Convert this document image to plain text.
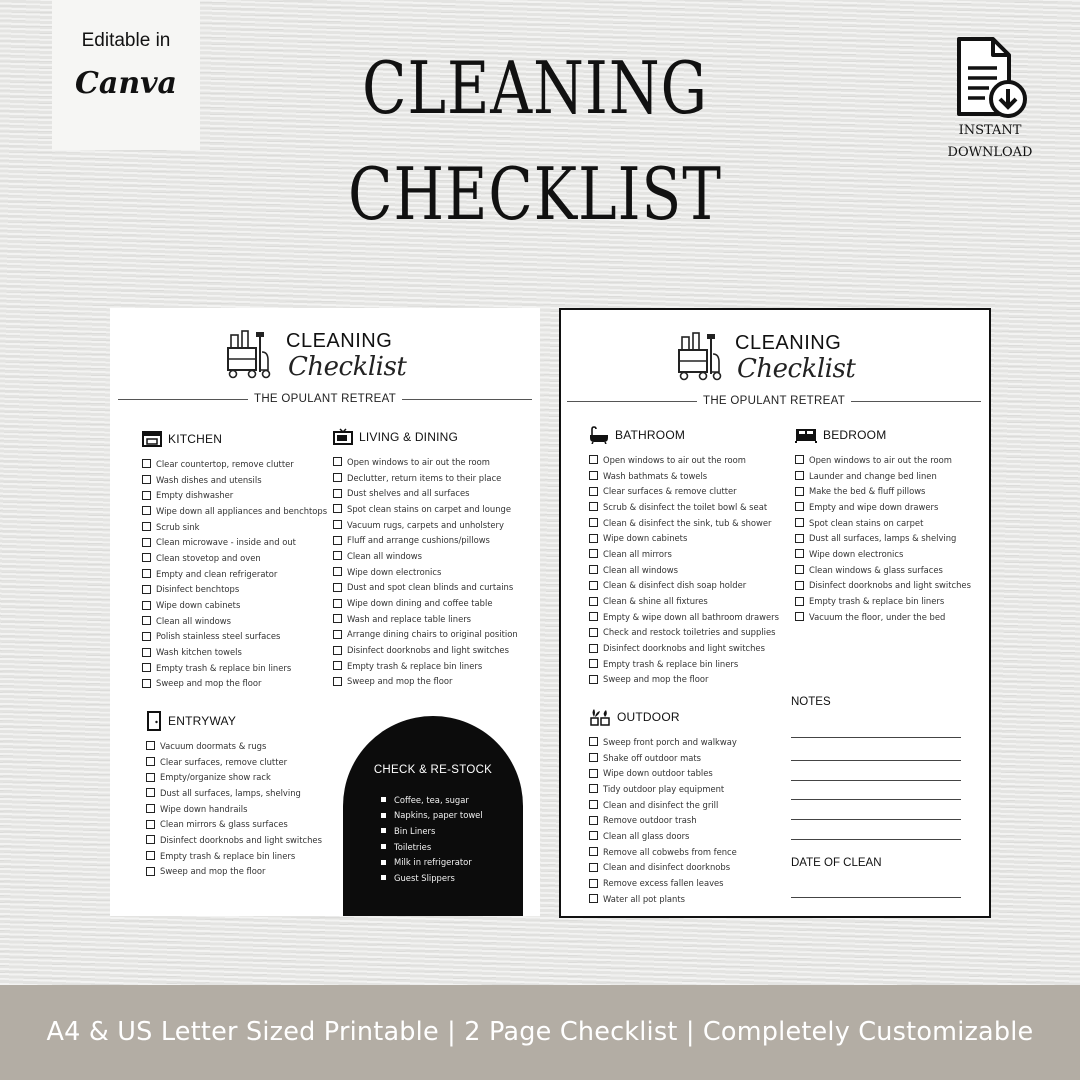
Editable in
Canva	CLEANING
CHECKLIST
INSTANT
DOWNLOAD
CLEANING
Checklist
THE OPULANT RETREAT
KITCHEN
Clear countertop, remove clutter
Wash dishes and utensils
Empty dishwasher
Wipe down all appliances and benchtops
Scrub sink
Clean microwave - inside and out
Clean stovetop and oven
Empty and clean refrigerator
Disinfect benchtops
Wipe down cabinets
Clean all windows
Polish stainless steel surfaces
Wash kitchen towels
Empty trash & replace bin liners
Sweep and mop the floor
LIVING & DINING
Open windows to air out the room
Declutter, return items to their place
Dust shelves and all surfaces
Spot clean stains on carpet and lounge
Vacuum rugs, carpets and unholstery
Fluff and arrange cushions/pillows
Clean all windows
Wipe down electronics
Dust and spot clean blinds and curtains
Wipe down dining and coffee table
Wash and replace table liners
Arrange dining chairs to original position
Disinfect doorknobs and light switches
Empty trash & replace bin liners
Sweep and mop the floor
ENTRYWAY
Vacuum doormats & rugs
Clear surfaces, remove clutter
Empty/organize show rack
Dust all surfaces, lamps, shelving
Wipe down handrails
Clean mirrors & glass surfaces
Disinfect doorknobs and light switches
Empty trash & replace bin liners
Sweep and mop the floor
CHECK & RE-STOCK
Coffee, tea, sugar
Napkins, paper towel
Bin Liners
Toiletries
Milk in refrigerator
Guest Slippers
CLEANING
Checklist
THE OPULANT RETREAT
BATHROOM
Open windows to air out the room
Wash bathmats & towels
Clear surfaces & remove clutter
Scrub & disinfect the toilet bowl & seat
Clean & disinfect the sink, tub & shower
Wipe down cabinets
Clean all mirrors
Clean all windows
Clean & disinfect dish soap holder
Clean & shine all fixtures
Empty & wipe down all bathroom drawers
Check and restock toiletries and supplies
Disinfect doorknobs and light switches
Empty trash & replace bin liners
Sweep and mop the floor
BEDROOM
Open windows to air out the room
Launder and change bed linen
Make the bed & fluff pillows
Empty and wipe down drawers
Spot clean stains on carpet
Dust all surfaces, lamps & shelving
Wipe down electronics
Clean windows & glass surfaces
Disinfect doorknobs and light switches
Empty trash & replace bin liners
Vacuum the floor, under the bed
OUTDOOR
Sweep front porch and walkway
Shake off outdoor mats
Wipe down outdoor tables
Tidy outdoor play equipment
Clean and disinfect the grill
Remove outdoor trash
Clean all glass doors
Remove all cobwebs from fence
Clean and disinfect doorknobs
Remove excess fallen leaves
Water all pot plants
NOTES
DATE OF CLEAN
A4 & US Letter Sized Printable | 2 Page Checklist | Completely Customizable
